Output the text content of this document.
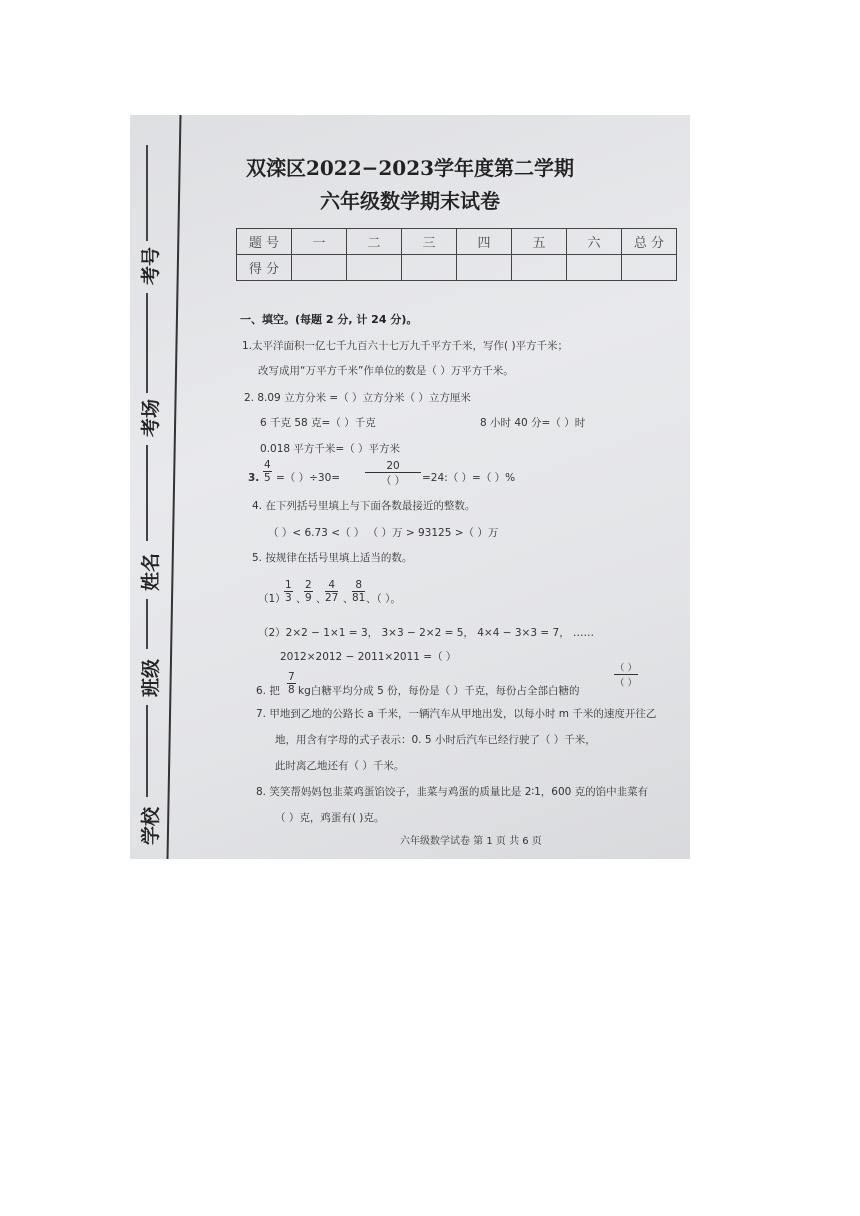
考号
考场
姓名
班级
学校
双滦区2022−2023学年度第二学期
六年级数学期末试卷
题 号	一	二	三	四	五	六	总 分
得 分							
一、填空。(每题 2 分, 计 24 分)。
1.太平洋面积一亿七千九百六十七万九千平方千米，写作( )平方千米；
改写成用“万平方千米”作单位的数是（ ）万平方千米。
2. 8.09 立方分米 =（ ）立方分米（ ）立方厘米
6 千克 58 克=（ ）千克	8 小时 40 分=（ ）时
0.018 平方千米=（ ）平方米
3. $\frac{4}{5}$ =（ ）÷30=
20
（ ）	=24:（ ）=（ ）%
4. 在下列括号里填上与下面各数最接近的整数。
（ ）< 6.73 <（ ） （ ）万 > 93125 >（ ）万
5. 按规律在括号里填上适当的数。
（1）
$\frac{1}{3}$ 、
$\frac{2}{9}$ 、
$\frac{4}{27}$ 、
$\frac{8}{81}$ 、（ ）。
（2）2×2 − 1×1 = 3， 3×3 − 2×2 = 5， 4×4 − 3×3 = 7， ……
2012×2012 − 2011×2011 =（ ）
6. 把 $\frac{7}{8}$ kg白糖平均分成 5 份，每份是（ ）千克，每份占全部白糖的
（ ）
（ ）
7. 甲地到乙地的公路长 a 千米，一辆汽车从甲地出发，以每小时 m 千米的速度开往乙
地，用含有字母的式子表示：0. 5 小时后汽车已经行驶了（ ）千米，
此时离乙地还有（ ）千米。
8. 笑笑帮妈妈包韭菜鸡蛋馅饺子，韭菜与鸡蛋的质量比是 2∶1，600 克的馅中韭菜有
（ ）克，鸡蛋有( )克。
六年级数学试卷 第 1 页 共 6 页
